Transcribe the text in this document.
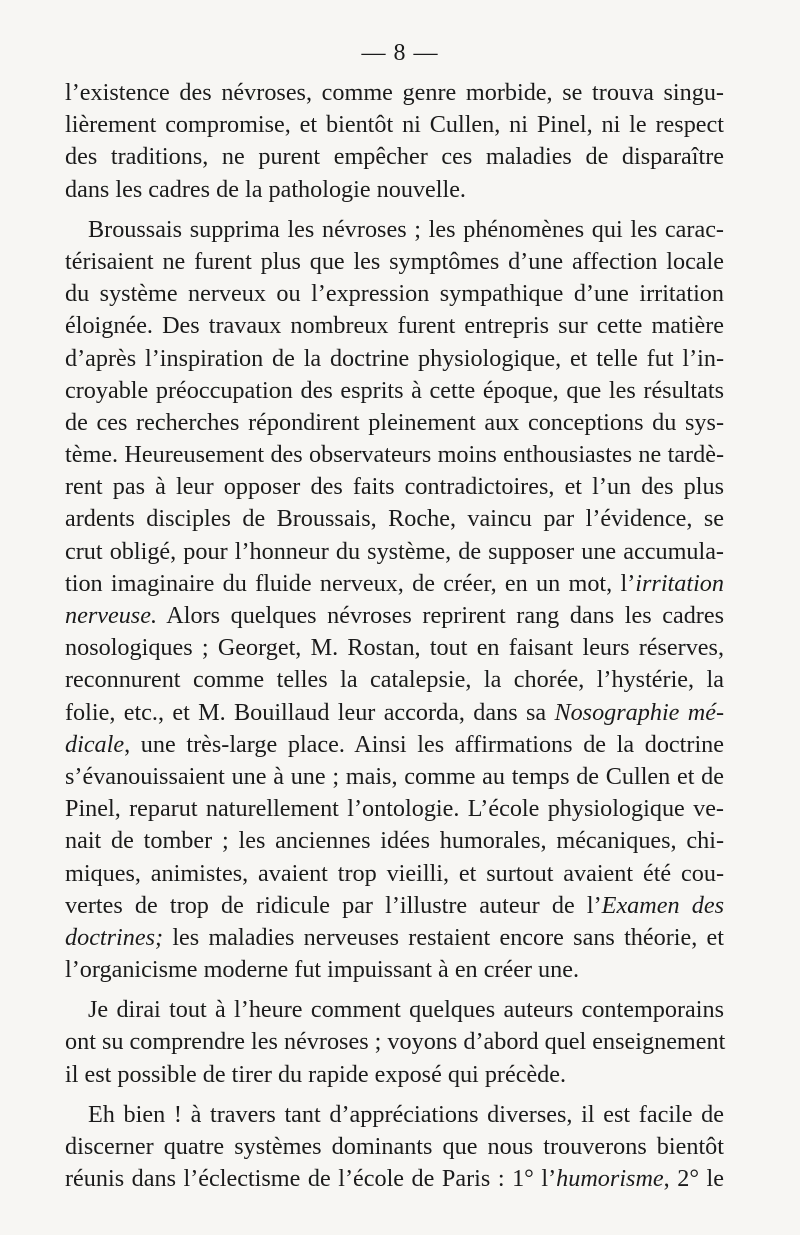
— 8 —
l’existence des névroses, comme genre morbide, se trouva singu-
lièrement compromise, et bientôt ni Cullen, ni Pinel, ni le respect
des traditions, ne purent empêcher ces maladies de disparaître
dans les cadres de la pathologie nouvelle.
Broussais supprima les névroses ; les phénomènes qui les carac-
térisaient ne furent plus que les symptômes d’une affection locale
du système nerveux ou l’expression sympathique d’une irritation
éloignée. Des travaux nombreux furent entrepris sur cette matière
d’après l’inspiration de la doctrine physiologique, et telle fut l’in-
croyable préoccupation des esprits à cette époque, que les résultats
de ces recherches répondirent pleinement aux conceptions du sys-
tème. Heureusement des observateurs moins enthousiastes ne tardè-
rent pas à leur opposer des faits contradictoires, et l’un des plus
ardents disciples de Broussais, Roche, vaincu par l’évidence, se
crut obligé, pour l’honneur du système, de supposer une accumula-
tion imaginaire du fluide nerveux, de créer, en un mot, l’irritation
nerveuse. Alors quelques névroses reprirent rang dans les cadres
nosologiques ; Georget, M. Rostan, tout en faisant leurs réserves,
reconnurent comme telles la catalepsie, la chorée, l’hystérie, la
folie, etc., et M. Bouillaud leur accorda, dans sa Nosographie mé-
dicale, une très-large place. Ainsi les affirmations de la doctrine
s’évanouissaient une à une ; mais, comme au temps de Cullen et de
Pinel, reparut naturellement l’ontologie. L’école physiologique ve-
nait de tomber ; les anciennes idées humorales, mécaniques, chi-
miques, animistes, avaient trop vieilli, et surtout avaient été cou-
vertes de trop de ridicule par l’illustre auteur de l’Examen des
doctrines; les maladies nerveuses restaient encore sans théorie, et
l’organicisme moderne fut impuissant à en créer une.
Je dirai tout à l’heure comment quelques auteurs contemporains
ont su comprendre les névroses ; voyons d’abord quel enseignement
il est possible de tirer du rapide exposé qui précède.
Eh bien ! à travers tant d’appréciations diverses, il est facile de
discerner quatre systèmes dominants que nous trouverons bientôt
réunis dans l’éclectisme de l’école de Paris : 1° l’humorisme, 2° le
